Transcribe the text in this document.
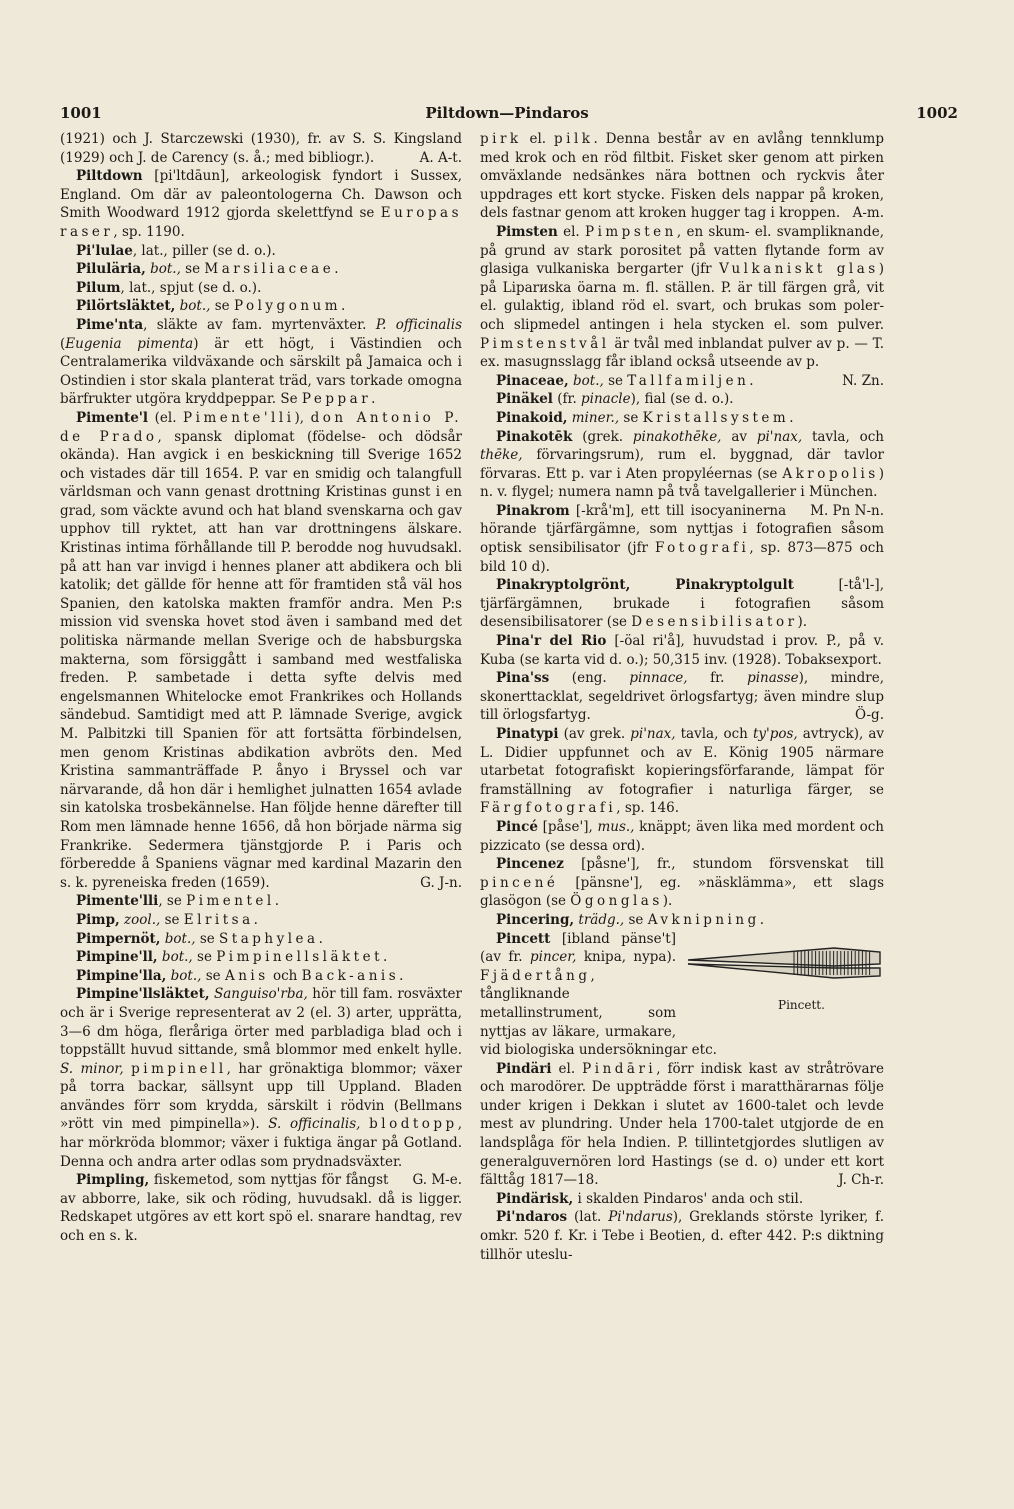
1001	Piltdown—Pindaros	1002

(1921) och J. Starczewski (1930), fr. av S. S. Kingsland (1929) och J. de Carency (s. å.; med bibliogr.).	A. A-t.

Piltdown [pi'ltdāun], arkeologisk fyndort i Sussex, England. Om där av paleontologerna Ch. Dawson och Smith Woodward 1912 gjorda skelettfynd se Europas raser, sp. 1190.

Pi'lulae, lat., piller (se d. o.).

Piluläria, bot., se Marsiliaceae.

Pilum, lat., spjut (se d. o.).

Pilörtsläktet, bot., se Polygonum.

Pime'nta, släkte av fam. myrtenväxter. P. officinalis (Eugenia pimenta) är ett högt, i Västindien och Centralamerika vildväxande och särskilt på Jamaica och i Ostindien i stor skala planterat träd, vars torkade omogna bärfrukter utgöra kryddpeppar. Se Peppar.

Pimente'l (el. Pimente'lli), don Antonio P. de Prado, spansk diplomat (födelse- och dödsår okända). Han avgick i en beskickning till Sverige 1652 och vistades där till 1654. P. var en smidig och talangfull världsman och vann genast drottning Kristinas gunst i en grad, som väckte avund och hat bland svenskarna och gav upphov till ryktet, att han var drottningens älskare. Kristinas intima förhållande till P. berodde nog huvudsakl. på att han var invigd i hennes planer att abdikera och bli katolik; det gällde för henne att för framtiden stå väl hos Spanien, den katolska makten framför andra. Men P:s mission vid svenska hovet stod även i samband med det politiska närmande mellan Sverige och de habsburgska makterna, som försiggått i samband med westfaliska freden. P. sambetade i detta syfte delvis med engelsmannen Whitelocke emot Frankrikes och Hollands sändebud. Samtidigt med att P. lämnade Sverige, avgick M. Palbitzki till Spanien för att fortsätta förbindelsen, men genom Kristinas abdikation avbröts den. Med Kristina sammanträffade P. ånyo i Bryssel och var närvarande, då hon där i hemlighet julnatten 1654 avlade sin katolska trosbekännelse. Han följde henne därefter till Rom men lämnade henne 1656, då hon började närma sig Frankrike. Sedermera tjänstgjorde P. i Paris och förberedde å Spaniens vägnar med kardinal Mazarin den s. k. pyreneiska freden (1659).	G. J-n.

Pimente'lli, se Pimentel.

Pimp, zool., se Elritsa.

Pimpernöt, bot., se Staphylea.

Pimpine'll, bot., se Pimpinellsläktet.

Pimpine'lla, bot., se Anis och Back-anis.

Pimpine'llsläktet, Sanguiso'rba, hör till fam. rosväxter och är i Sverige representerat av 2 (el. 3) arter, upprätta, 3—6 dm höga, fleråriga örter med parbladiga blad och i toppställt huvud sittande, små blommor med enkelt hylle. S. minor, pimpinell, har grönaktiga blommor; växer på torra backar, sällsynt upp till Uppland. Bladen användes förr som krydda, särskilt i rödvin (Bellmans »rött vin med pimpinella»). S. officinalis, blodtopp, har mörkröda blommor; växer i fuktiga ängar på Gotland. Denna och andra arter odlas som prydnadsväxter.
G. M-e.

Pimpling, fiskemetod, som nyttjas för fångst av abborre, lake, sik och röding, huvudsakl. då is ligger. Redskapet utgöres av ett kort spö el. snarare handtag, rev och en s. k.

pirk el. pilk. Denna består av en avlång tennklump med krok och en röd filtbit. Fisket sker genom att pirken omväxlande nedsänkes nära bottnen och ryckvis åter uppdrages ett kort stycke. Fisken dels nappar på kroken, dels fastnar genom att kroken hugger tag i kroppen. A-m.

Pimsten el. Pimpsten, en skum- el. svampliknande, på grund av stark porositet på vatten flytande form av glasiga vulkaniska bergarter (jfr Vulkaniskt glas) på Liparиska öarna m. fl. ställen. P. är till färgen grå, vit el. gulaktig, ibland röd el. svart, och brukas som poler- och slipmedel antingen i hela stycken el. som pulver. Pimstenstvål är tvål med inblandat pulver av p. — T. ex. masugnsslagg får ibland också utseende av p.
N. Zn.

Pinaceae, bot., se Tallfamiljen.

Pinäkel (fr. pinacle), fial (se d. o.).

Pinakoid, miner., se Kristallsystem.

Pinakotēk (grek. pinakothēke, av pi'nax, tavla, och thēke, förvaringsrum), rum el. byggnad, där tavlor förvaras. Ett p. var i Aten propyléernas (se Akropolis) n. v. flygel; numera namn på två tavelgallerier i München.
M. Pn N-n.

Pinakrom [-krå'm], ett till isocyaninerna hörande tjärfärgämne, som nyttjas i fotografien såsom optisk sensibilisator (jfr Fotografi, sp. 873—875 och bild 10 d).

Pinakryptolgrönt, Pinakryptolgult [-tå'l-], tjärfärgämnen, brukade i fotografien såsom desensibilisatorer (se Desensibilisator).

Pina'r del Rio [-öal ri'å], huvudstad i prov. P., på v. Kuba (se karta vid d. o.); 50,315 inv. (1928). Tobaksexport.

Pina'ss (eng. pinnace, fr. pinasse), mindre, skonerttacklat, segeldrivet örlogsfartyg; även mindre slup till örlogsfartyg.	Ö-g.

Pinatypi (av grek. pi'nax, tavla, och ty'pos, avtryck), av L. Didier uppfunnet och av E. König 1905 närmare utarbetat fotografiskt kopieringsförfarande, lämpat för framställning av fotografier i naturliga färger, se Färgfotografi, sp. 146.

Pincé [påse'], mus., knäppt; även lika med mordent och pizzicato (se dessa ord).

Pincenez [påsne'], fr., stundom försvenskat till pincené [pänsne'], eg. »näsklämma», ett slags glasögon (se Ögonglas).

Pincering, trädg., se Avknipning.

Pincett.
Pincett [ibland pänse't] (av fr. pincer, knipa, nypa). Fjädertång, tångliknande metallinstrument, som nyttjas av läkare, urmakare, vid biologiska undersökningar etc.

Pindäri el. Pindāri, förr indisk kast av stråtrövare och marodörer. De uppträdde först i maratthärarnas följe under krigen i Dekkan i slutet av 1600-talet och levde mest av plundring. Under hela 1700-talet utgjorde de en landsplåga för hela Indien. P. tillintetgjordes slutligen av generalguvernören lord Hastings (se d. o) under ett kort fälttåg 1817—18.	J. Ch-r.

Pindärisk, i skalden Pindaros' anda och stil.

Pi'ndaros (lat. Pi'ndarus), Greklands störste lyriker, f. omkr. 520 f. Kr. i Tebe i Beotien, d. efter 442. P:s diktning tillhör uteslu-
